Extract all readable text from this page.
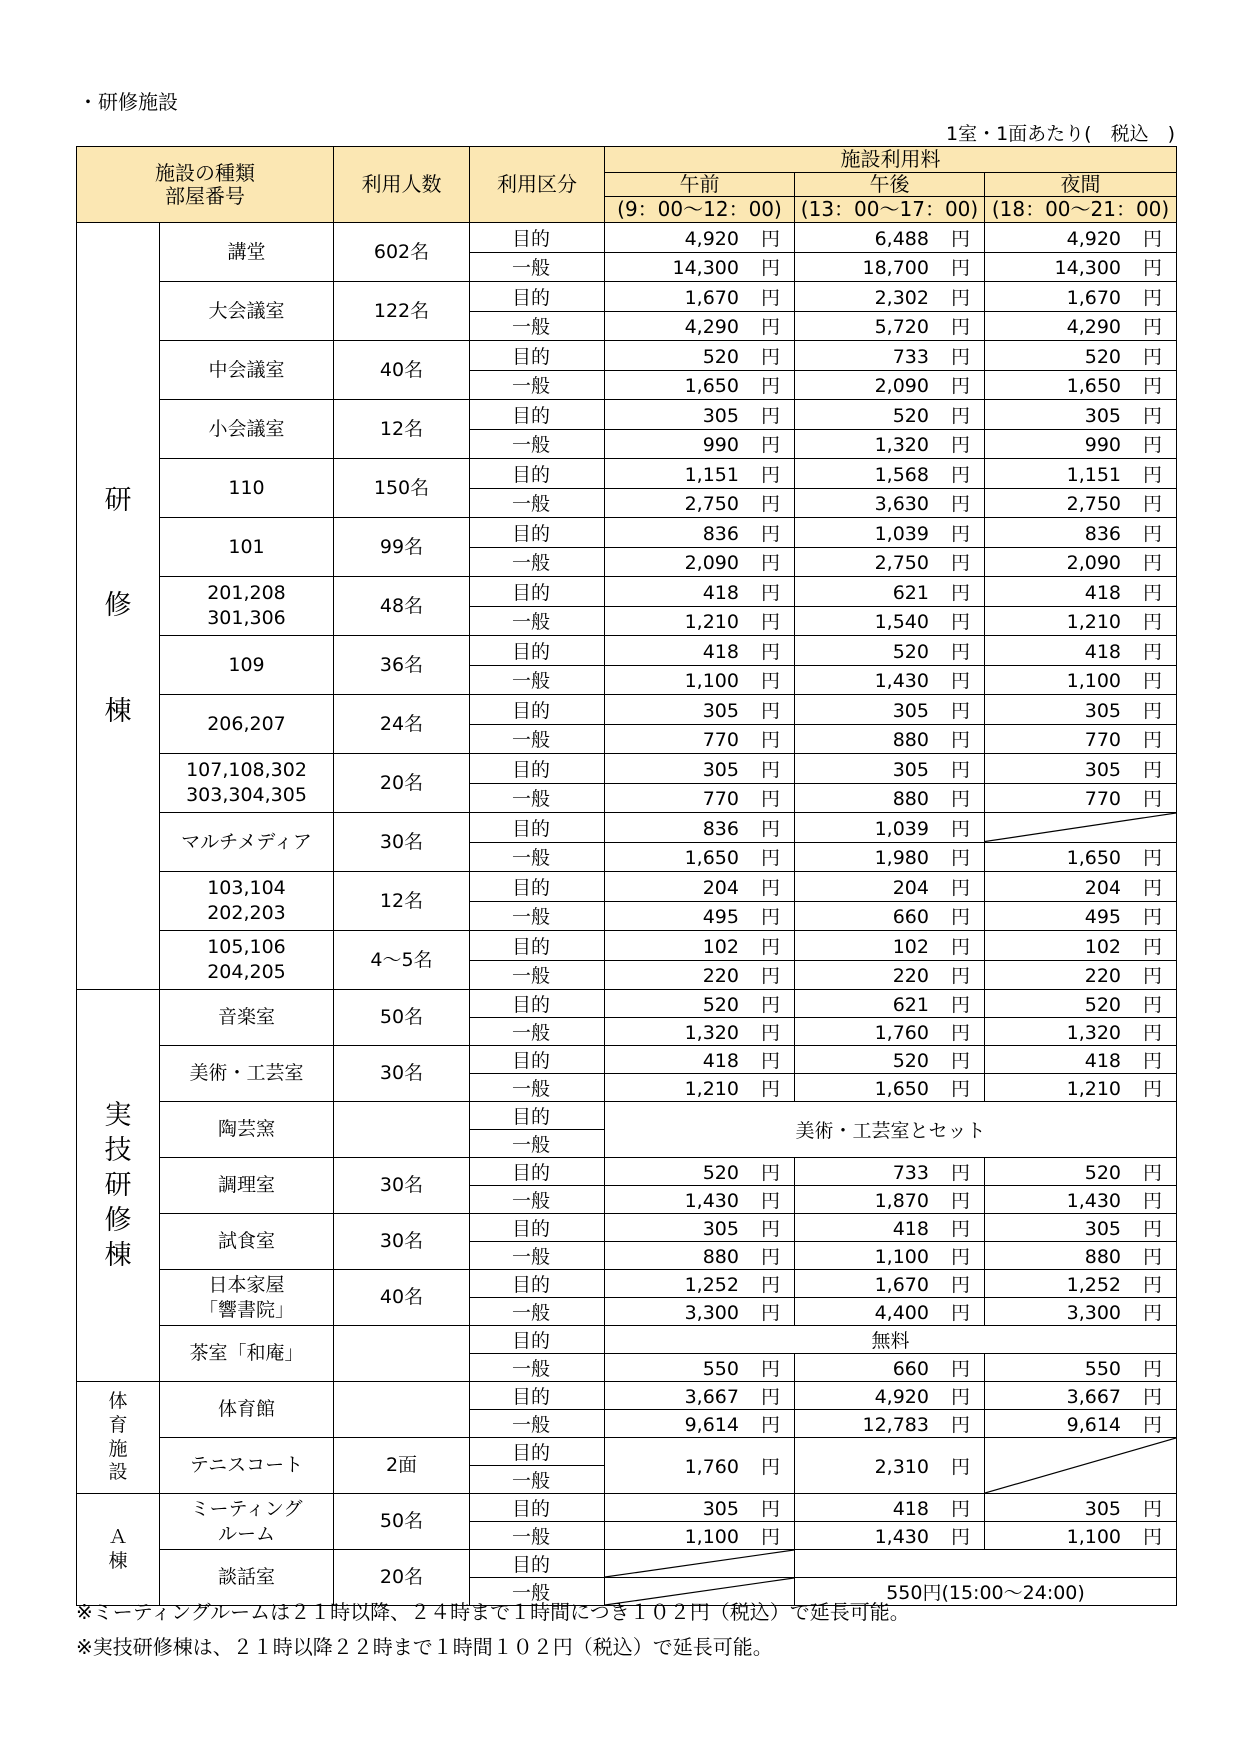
・研修施設
1室・1面あたり(　税込　)
施設の種類
部屋番号		利用人数	利用区分	施設利用料		
				午前	午後	夜間
				(9：00～12：00)	(13：00～17：00)	(18：00～21：00)
研

修

棟	講堂	602名	目的	4,920 円	6,488 円	4,920 円
			一般	14,300 円	18,700 円	14,300 円
	大会議室	122名	目的	1,670 円	2,302 円	1,670 円
			一般	4,290 円	5,720 円	4,290 円
	中会議室	40名	目的	520 円	733 円	520 円
			一般	1,650 円	2,090 円	1,650 円
	小会議室	12名	目的	305 円	520 円	305 円
			一般	990 円	1,320 円	990 円
	110	150名	目的	1,151 円	1,568 円	1,151 円
			一般	2,750 円	3,630 円	2,750 円
	101	99名	目的	836 円	1,039 円	836 円
			一般	2,090 円	2,750 円	2,090 円
	201,208
301,306	48名	目的	418 円	621 円	418 円
			一般	1,210 円	1,540 円	1,210 円
	109	36名	目的	418 円	520 円	418 円
			一般	1,100 円	1,430 円	1,100 円
	206,207	24名	目的	305 円	305 円	305 円
			一般	770 円	880 円	770 円
	107,108,302
303,304,305	20名	目的	305 円	305 円	305 円
			一般	770 円	880 円	770 円
	マルチメディア	30名	目的	836 円	1,039 円	

			一般	1,650 円	1,980 円	1,650 円
	103,104
202,203	12名	目的	204 円	204 円	204 円
			一般	495 円	660 円	495 円
	105,106
204,205	4～5名	目的	102 円	102 円	102 円
			一般	220 円	220 円	220 円
実
技
研
修
棟	音楽室	50名	目的	520 円	621 円	520 円
			一般	1,320 円	1,760 円	1,320 円
	美術・工芸室	30名	目的	418 円	520 円	418 円
			一般	1,210 円	1,650 円	1,210 円
	陶芸窯		目的	美術・工芸室とセット		
			一般			
	調理室	30名	目的	520 円	733 円	520 円
			一般	1,430 円	1,870 円	1,430 円
	試食室	30名	目的	305 円	418 円	305 円
			一般	880 円	1,100 円	880 円
	日本家屋
「響書院」	40名	目的	1,252 円	1,670 円	1,252 円
			一般	3,300 円	4,400 円	3,300 円
	茶室「和庵」		目的	無料		
			一般	550 円	660 円	550 円
体
育
施
設	体育館		目的	3,667 円	4,920 円	3,667 円
			一般	9,614 円	12,783 円	9,614 円
	テニスコート	2面	目的	1,760 円	2,310 円	

			一般			
Ａ
棟	ミーティング
ルーム	50名	目的	305 円	418 円	305 円
			一般	1,100 円	1,430 円	1,100 円
	談話室	20名	目的	

			一般		550円(15:00～24:00)	
※ミーティングルームは２１時以降、２４時まで１時間につき１０２円（税込）で延長可能。
※実技研修棟は、２１時以降２２時まで１時間１０２円（税込）で延長可能。
